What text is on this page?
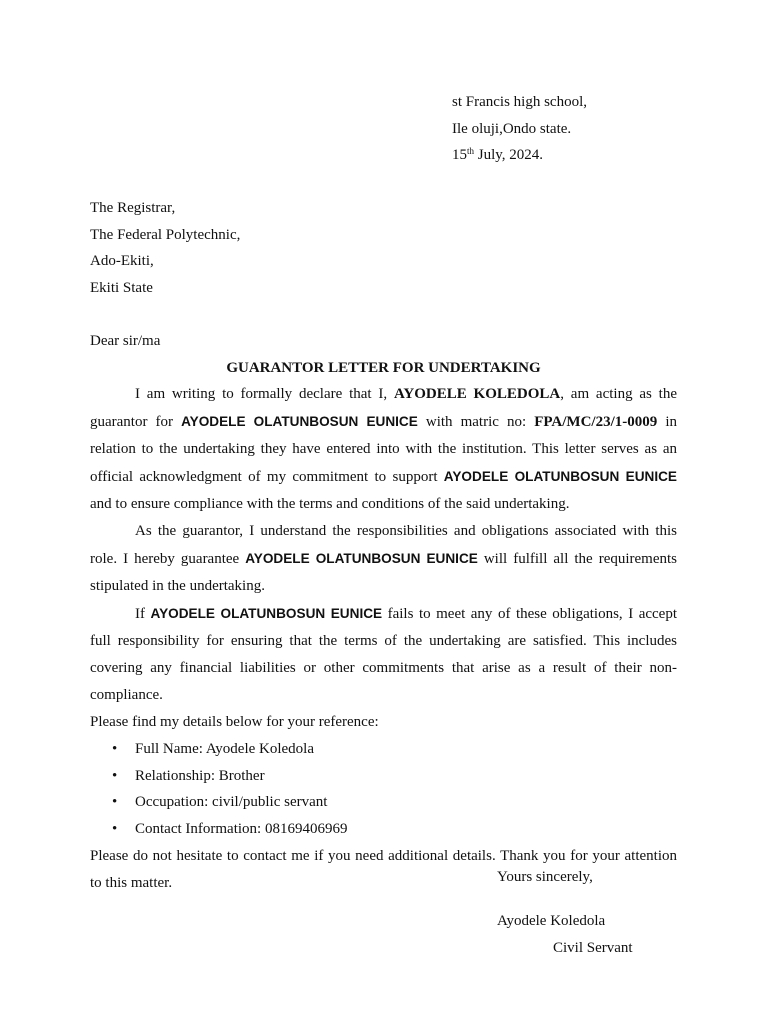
st Francis high school,
Ile oluji,Ondo state.
15th July, 2024.
The Registrar,
The Federal Polytechnic,
Ado-Ekiti,
Ekiti State
Dear sir/ma
GUARANTOR LETTER FOR UNDERTAKING

I am writing to formally declare that I, AYODELE KOLEDOLA, am acting as the guarantor for AYODELE OLATUNBOSUN EUNICE with matric no: FPA/MC/23/1-0009 in relation to the undertaking they have entered into with the institution. This letter serves as an official acknowledgment of my commitment to support AYODELE OLATUNBOSUN EUNICE and to ensure compliance with the terms and conditions of the said undertaking.

As the guarantor, I understand the responsibilities and obligations associated with this role. I hereby guarantee AYODELE OLATUNBOSUN EUNICE will fulfill all the requirements stipulated in the undertaking.

If AYODELE OLATUNBOSUN EUNICE fails to meet any of these obligations, I accept full responsibility for ensuring that the terms of the undertaking are satisfied. This includes covering any financial liabilities or other commitments that arise as a result of their non-compliance.

Please find my details below for your reference:

• Full Name: Ayodele Koledola
• Relationship: Brother
• Occupation: civil/public servant
• Contact Information: 08169406969

Please do not hesitate to contact me if you need additional details. Thank you for your attention to this matter.	Yours sincerely,
Ayodele Koledola
Civil Servant
